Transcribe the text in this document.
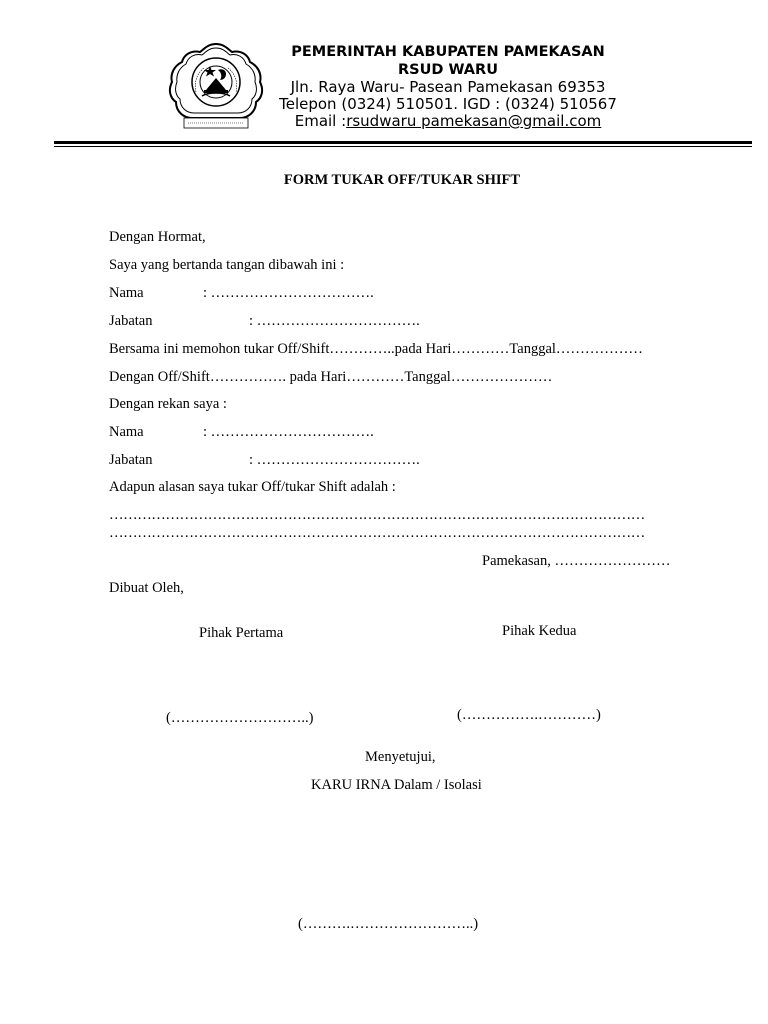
PEMERINTAH KABUPATEN PAMEKASAN
RSUD WARU
Jln. Raya Waru- Pasean Pamekasan 69353
Telepon (0324) 510501. IGD : (0324) 510567
Email :rsudwaru pamekasan@gmail.com
FORM TUKAR OFF/TUKAR SHIFT
Dengan Hormat,
Saya yang bertanda tangan dibawah ini :
Nama	: …………………………….
Jabatan	: …………………………….
Bersama ini memohon tukar Off/Shift…………..pada Hari…………Tanggal………………
Dengan Off/Shift……………. pada Hari…………Tanggal…………………
Dengan rekan saya :
Nama	: …………………………….
Jabatan	: …………………………….
Adapun alasan saya tukar Off/tukar Shift adalah :
……………………………………………………………………………………………………
……………………………………………………………………………………………………
Pamekasan, ……………………
Dibuat Oleh,
Pihak Pertama	Pihak Kedua
(………………………..)	(…………….…………)
Menyetujui,
KARU IRNA Dalam / Isolasi
(……….……………………..)
